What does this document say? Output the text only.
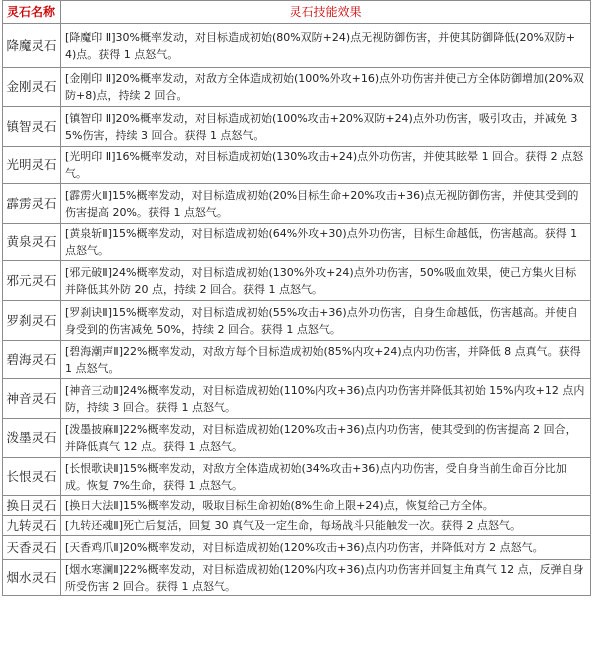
灵石名称	灵石技能效果
降魔灵石	[降魔印 Ⅱ]30%概率发动，对目标造成初始(80%双防+24)点无视防御伤害，并使其防御降低(20%双防+4)点。获得 1 点怒气。
金刚灵石	[金刚印 Ⅱ]20%概率发动，对敌方全体造成初始(100%外攻+16)点外功伤害并使己方全体防御增加(20%双防+8)点，持续 2 回合。
镇智灵石	[镇智印 Ⅱ]20%概率发动，对目标造成初始(100%攻击+20%双防+24)点外功伤害，吸引攻击，并减免 35%伤害，持续 3 回合。获得 1 点怒气。
光明灵石	[光明印 Ⅱ]16%概率发动，对目标造成初始(130%攻击+24)点外功伤害，并使其眩晕 1 回合。获得 2 点怒气。
霹雳灵石	[霹雳火Ⅱ]15%概率发动，对目标造成初始(20%目标生命+20%攻击+36)点无视防御伤害，并使其受到的伤害提高 20%。获得 1 点怒气。
黄泉灵石	[黄泉斩Ⅱ]15%概率发动，对目标造成初始(64%外攻+30)点外功伤害，目标生命越低，伤害越高。获得 1 点怒气。
邪元灵石	[邪元破Ⅱ]24%概率发动，对目标造成初始(130%外攻+24)点外功伤害，50%吸血效果，使己方集火目标并降低其外防 20 点，持续 2 回合。获得 1 点怒气。
罗刹灵石	[罗刹诀Ⅱ]15%概率发动，对目标造成初始(55%攻击+36)点外功伤害，自身生命越低，伤害越高。并使自身受到的伤害减免 50%，持续 2 回合。获得 1 点怒气。
碧海灵石	[碧海潮声Ⅱ]22%概率发动，对敌方每个目标造成初始(85%内攻+24)点内功伤害，并降低 8 点真气。获得 1 点怒气。
神音灵石	[神音三动Ⅱ]24%概率发动，对目标造成初始(110%内攻+36)点内功伤害并降低其初始 15%内攻+12 点内防，持续 3 回合。获得 1 点怒气。
泼墨灵石	[泼墨披麻Ⅱ]22%概率发动，对目标造成初始(120%攻击+36)点内功伤害，使其受到的伤害提高 2 回合，并降低真气 12 点。获得 1 点怒气。
长恨灵石	[长恨歌诀Ⅱ]15%概率发动，对敌方全体造成初始(34%攻击+36)点内功伤害，受自身当前生命百分比加成。恢复 7%生命，获得 1 点怒气。
换日灵石	[换日大法Ⅱ]15%概率发动，吸取目标生命初始(8%生命上限+24)点，恢复给己方全体。
九转灵石	[九转还魂Ⅱ]死亡后复活，回复 30 真气及一定生命，每场战斗只能触发一次。获得 2 点怒气。
天香灵石	[天香鸡爪Ⅱ]20%概率发动，对目标造成初始(120%攻击+36)点内功伤害，并降低对方 2 点怒气。
烟水灵石	[烟水寒澜Ⅱ]22%概率发动，对目标造成初始(120%内攻+36)点内功伤害并回复主角真气 12 点，反弹自身所受伤害 2 回合。获得 1 点怒气。
